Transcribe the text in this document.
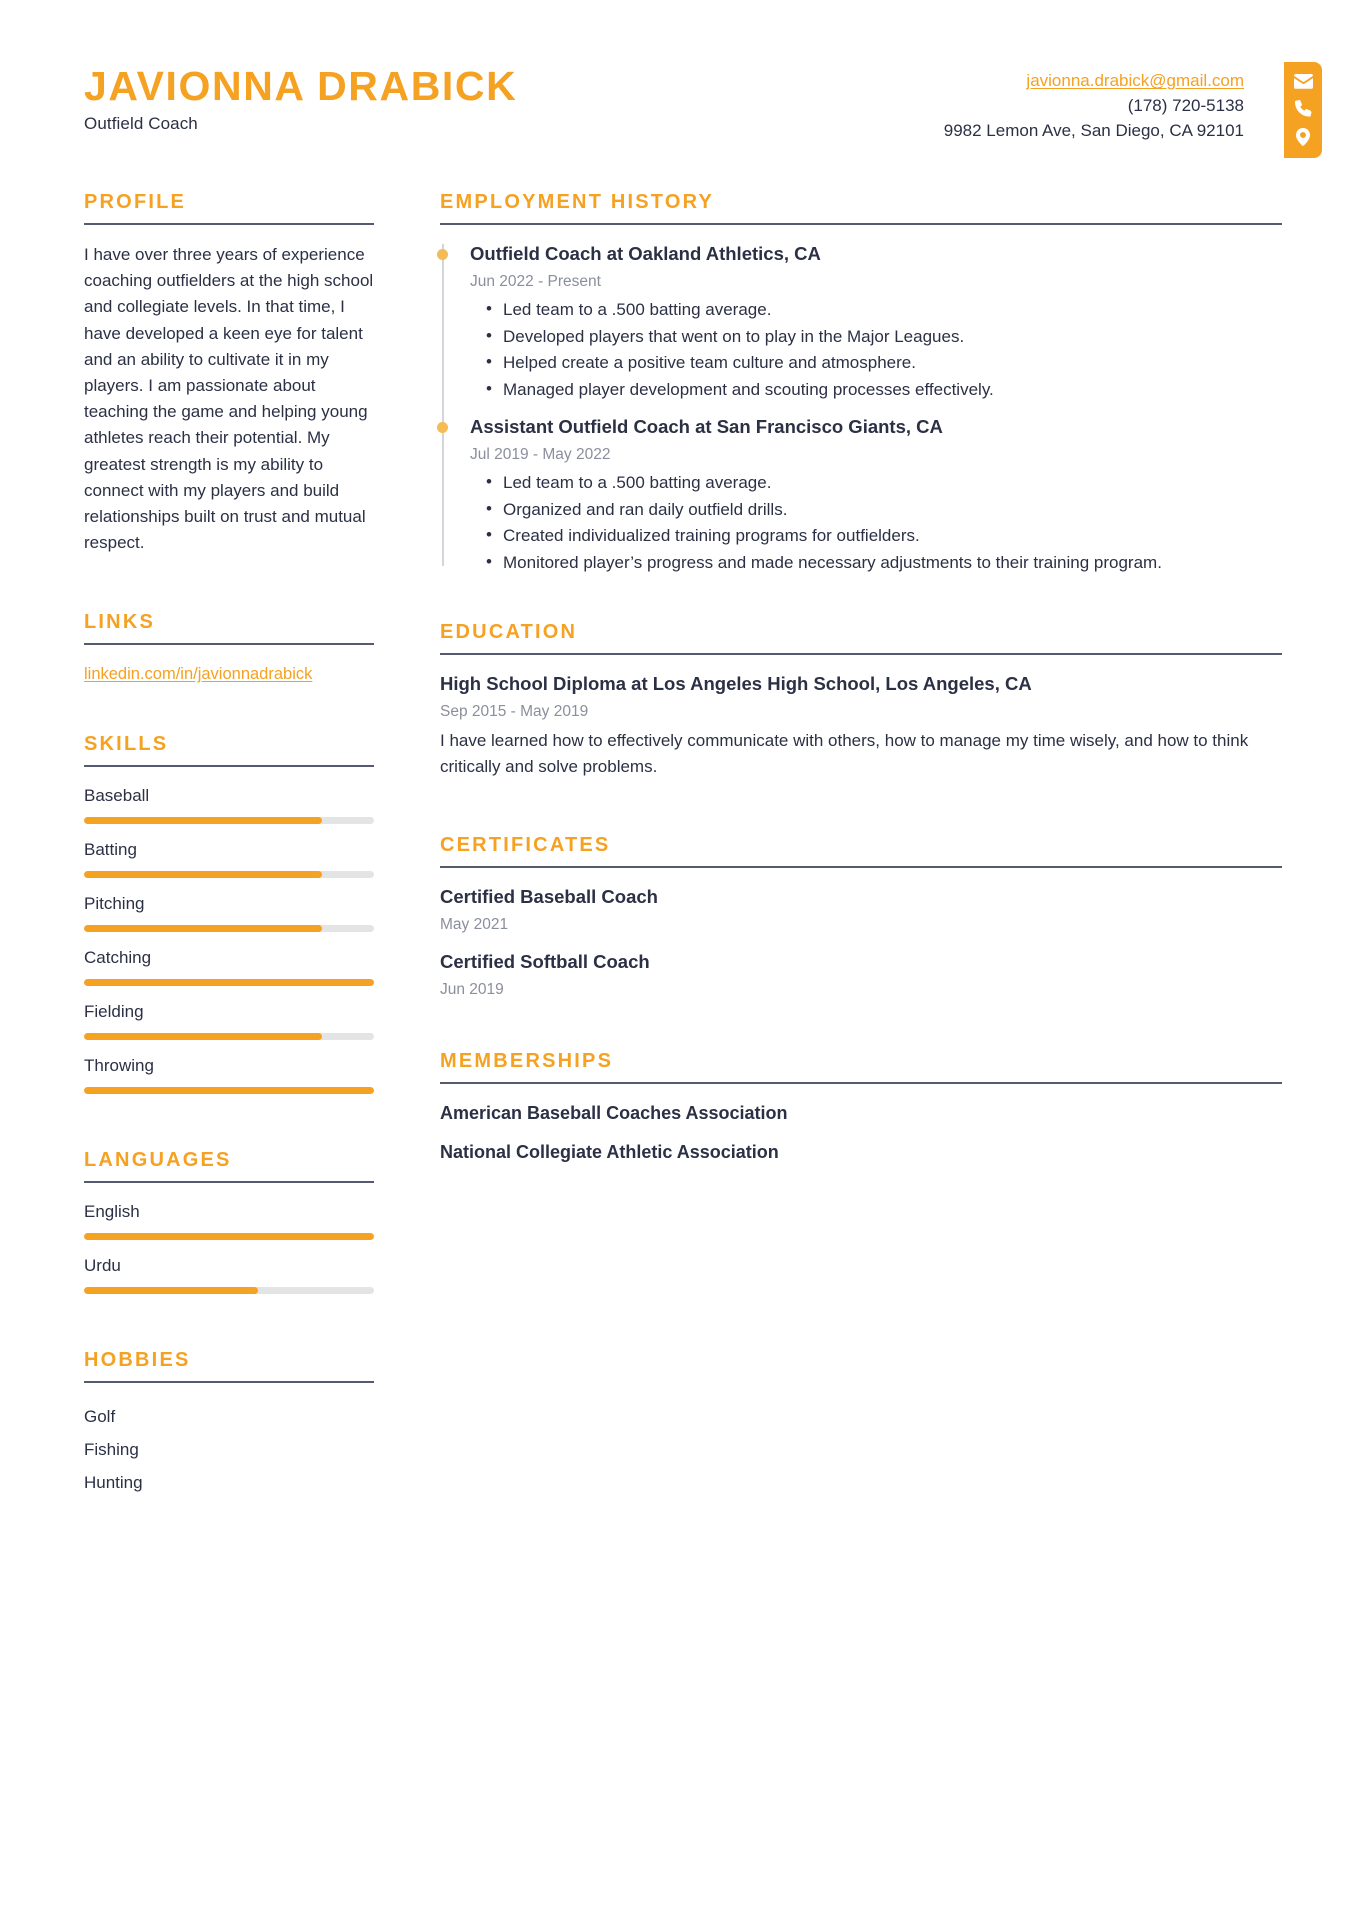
JAVIONNA DRABICK
Outfield Coach
javionna.drabick@gmail.com
(178) 720-5138
9982 Lemon Ave, San Diego, CA 92101
PROFILE
I have over three years of experience coaching outfielders at the high school and collegiate levels. In that time, I have developed a keen eye for talent and an ability to cultivate it in my players. I am passionate about teaching the game and helping young athletes reach their potential. My greatest strength is my ability to connect with my players and build relationships built on trust and mutual respect.
LINKS
linkedin.com/in/javionnadrabick
SKILLS
Baseball
Batting
Pitching
Catching
Fielding
Throwing
LANGUAGES
English
Urdu
HOBBIES
Golf
Fishing
Hunting
EMPLOYMENT HISTORY
Outfield Coach at Oakland Athletics, CA
Jun 2022 - Present
• Led team to a .500 batting average.
• Developed players that went on to play in the Major Leagues.
• Helped create a positive team culture and atmosphere.
• Managed player development and scouting processes effectively.
Assistant Outfield Coach at San Francisco Giants, CA
Jul 2019 - May 2022
• Led team to a .500 batting average.
• Organized and ran daily outfield drills.
• Created individualized training programs for outfielders.
• Monitored player’s progress and made necessary adjustments to their training program.
EDUCATION
High School Diploma at Los Angeles High School, Los Angeles, CA
Sep 2015 - May 2019
I have learned how to effectively communicate with others, how to manage my time wisely, and how to think critically and solve problems.
CERTIFICATES
Certified Baseball Coach
May 2021
Certified Softball Coach
Jun 2019
MEMBERSHIPS
American Baseball Coaches Association
National Collegiate Athletic Association
